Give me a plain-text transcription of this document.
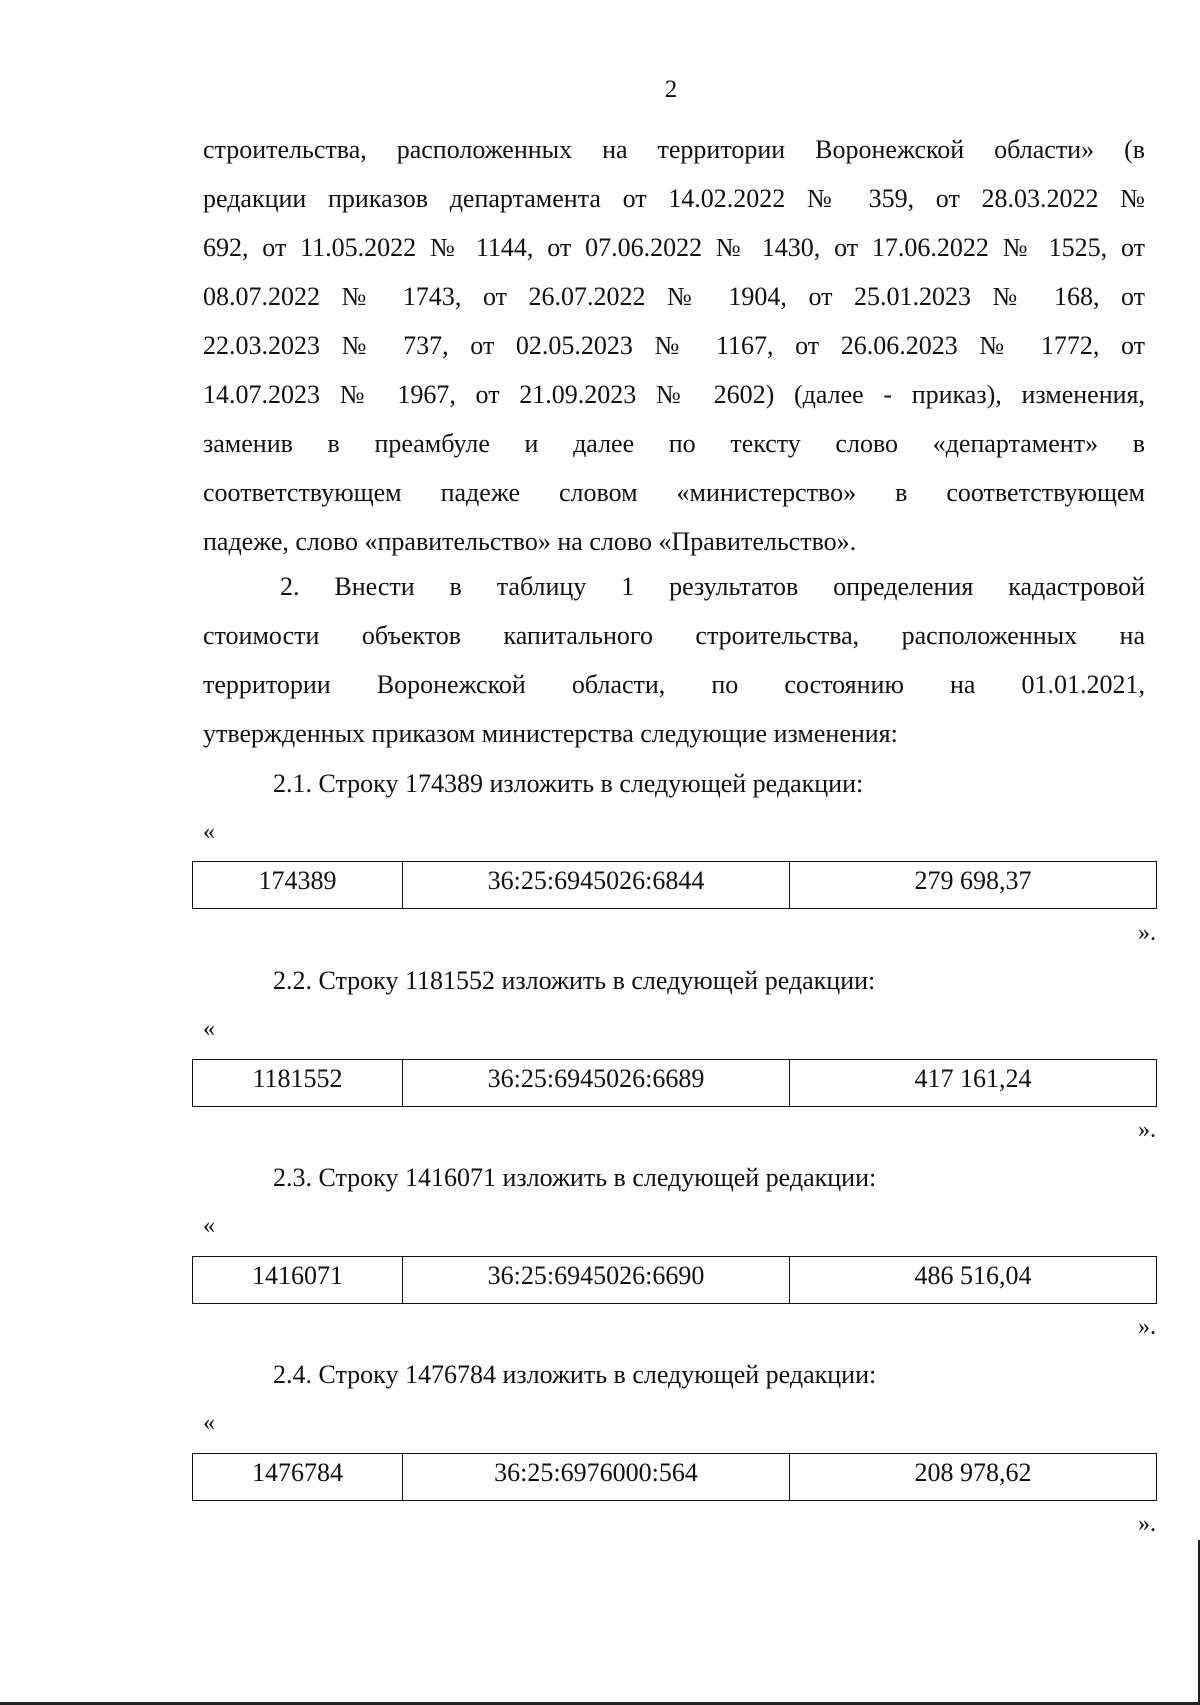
2

строительства, расположенных на территории Воронежской области» (в

редакции приказов департамента от 14.02.2022 № 359, от 28.03.2022 №

692, от 11.05.2022 № 1144, от 07.06.2022 № 1430, от 17.06.2022 № 1525, от

08.07.2022 № 1743, от 26.07.2022 № 1904, от 25.01.2023 № 168, от

22.03.2023 № 737, от 02.05.2023 № 1167, от 26.06.2023 № 1772, от

14.07.2023 № 1967, от 21.09.2023 № 2602) (далее - приказ), изменения,

заменив в преамбуле и далее по тексту слово «департамент» в

соответствующем падеже словом «министерство» в соответствующем

падеже, слово «правительство» на слово «Правительство».

2. Внести в таблицу 1 результатов определения кадастровой

стоимости объектов капитального строительства, расположенных на

территории Воронежской области, по состоянию на 01.01.2021,

утвержденных приказом министерства следующие изменения:

2.1. Строку 174389 изложить в следующей редакции:

«
174389	36:25:6945026:6844	279 698,37
».

2.2. Строку 1181552 изложить в следующей редакции:

«
1181552	36:25:6945026:6689	417 161,24
».

2.3. Строку 1416071 изложить в следующей редакции:

«
1416071	36:25:6945026:6690	486 516,04
».

2.4. Строку 1476784 изложить в следующей редакции:

«
1476784	36:25:6976000:564	208 978,62
».
